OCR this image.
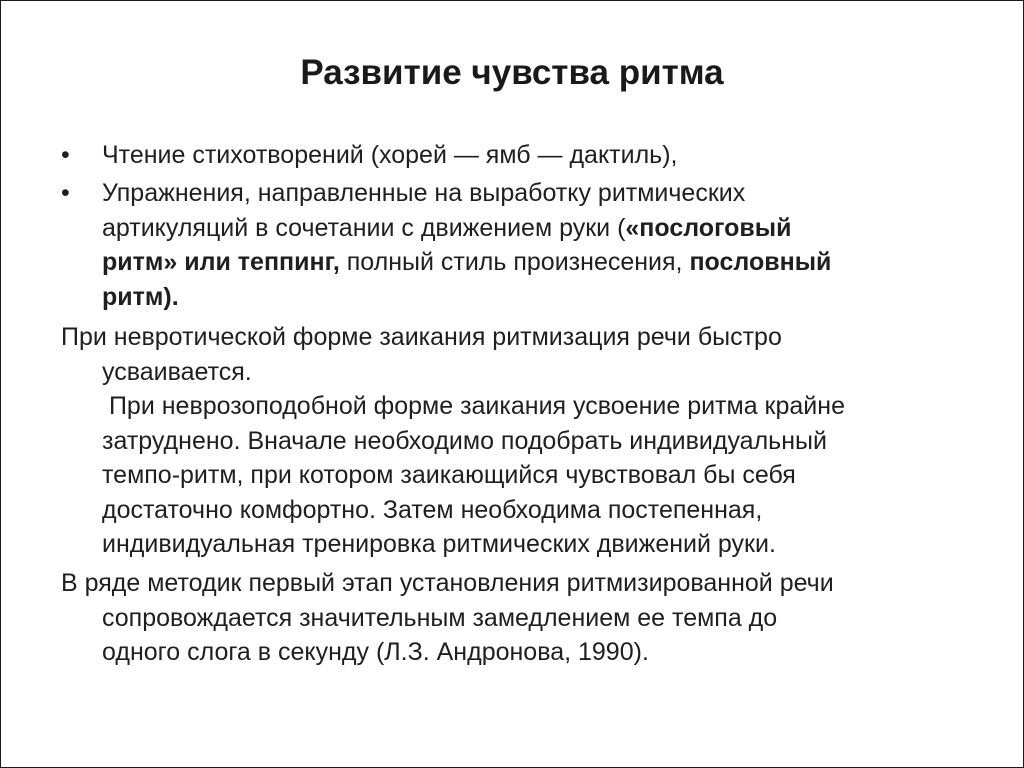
Развитие чувства ритма
•	Чтение стихотворений (хорей — ямб — дактиль),
•	Упражнения, направленные на выработку ритмических
артикуляций в сочетании с движением руки («послоговый
ритм» или теппинг, полный стиль произнесения, пословный
ритм).
При невротической форме заикания ритмизация речи быстро
усваивается.
При неврозоподобной форме заикания усвоение ритма крайне
затруднено. Вначале необходимо подобрать индивидуальный
темпо-ритм, при котором заикающийся чувствовал бы себя
достаточно комфортно. Затем необходима постепенная,
индивидуальная тренировка ритмических движений руки.
В ряде методик первый этап установления ритмизированной речи
сопровождается значительным замедлением ее темпа до
одного слога в секунду (Л.З. Андронова, 1990).
